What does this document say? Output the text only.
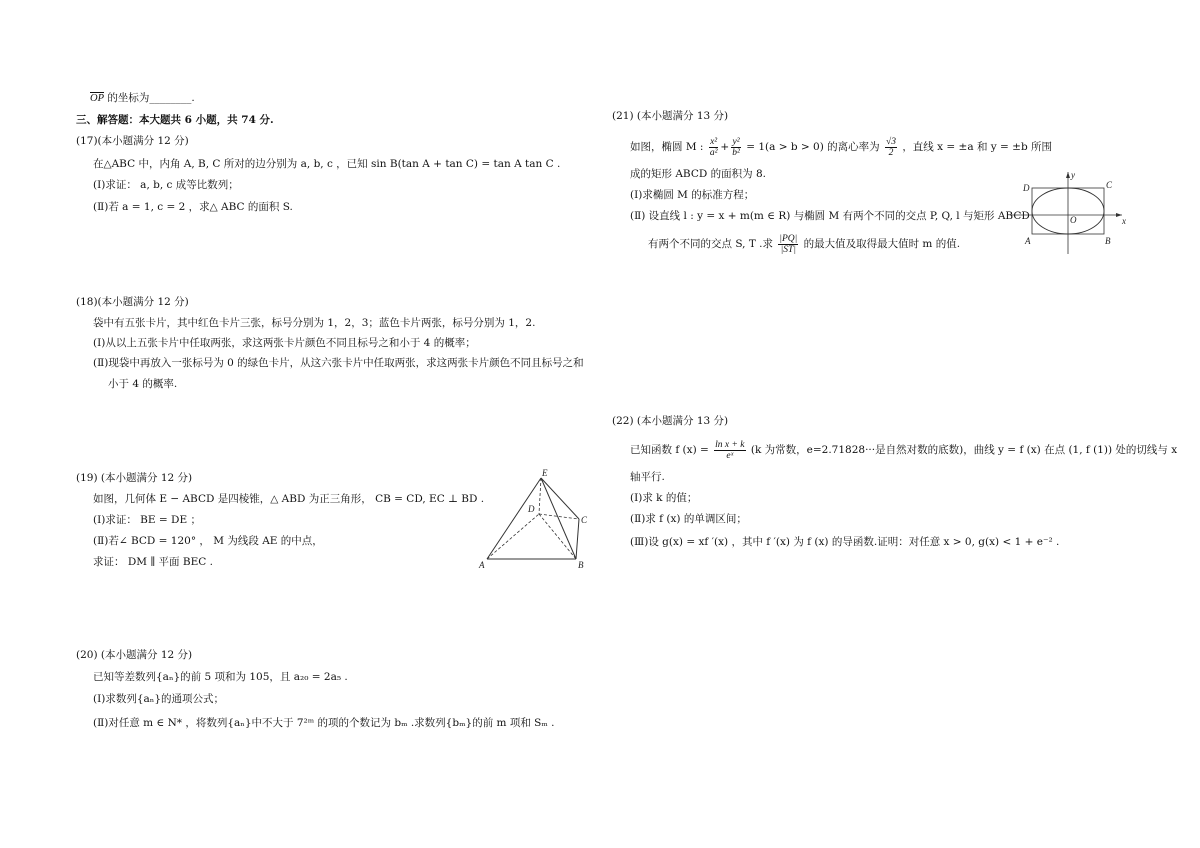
$\overline{OP}$ 的坐标为________.
三、解答题：本大题共 6 小题，共 74 分.
(17)(本小题满分 12 分)
在△ABC 中，内角 A, B, C 所对的边分别为 a, b, c ，已知 sin B(tan A + tan C) = tan A tan C .
(Ⅰ)求证： a, b, c 成等比数列；
(Ⅱ)若 a = 1, c = 2 ，求△ ABC 的面积 S.
(18)(本小题满分 12 分)
袋中有五张卡片，其中红色卡片三张，标号分别为 1，2，3；蓝色卡片两张，标号分别为 1，2.
(Ⅰ)从以上五张卡片中任取两张，求这两张卡片颜色不同且标号之和小于 4 的概率；
(Ⅱ)现袋中再放入一张标号为 0 的绿色卡片，从这六张卡片中任取两张，求这两张卡片颜色不同且标号之和
小于 4 的概率.
(19) (本小题满分 12 分)
如图，几何体 E − ABCD 是四棱锥，△ ABD 为正三角形， CB = CD, EC ⊥ BD .
(Ⅰ)求证： BE = DE ；
(Ⅱ)若∠ BCD = 120° ， M 为线段 AE 的中点，
求证： DM ∥ 平面 BEC .
E
D
C
A	B
(20) (本小题满分 12 分)
已知等差数列{aₙ}的前 5 项和为 105，且 a₂₀ = 2a₅ .
(Ⅰ)求数列{aₙ}的通项公式；
(Ⅱ)对任意 m ∈ N* ，将数列{aₙ}中不大于 7²ᵐ 的项的个数记为 bₘ .求数列{bₘ}的前 m 项和 Sₘ .
(21) (本小题满分 13 分)
如图，椭圆 M : $\frac{\text{x²}}{\text{a²}} + \frac{\text{y²}}{\text{b²}} = 1(a > b > 0)$ 的离心率为 $\frac{√3}{2}$ ，直线 x = ±a 和 y = ±b 所围
成的矩形 ABCD 的面积为 8.
(Ⅰ)求椭圆 M 的标准方程；
(Ⅱ) 设直线 l : y = x + m(m ∈ R) 与椭圆 M 有两个不同的交点 P, Q, l 与矩形 ABCD
有两个不同的交点 S, T .求 $\frac{|PQ|}{|ST|}$ 的最大值及取得最大值时 m 的值.
y
x
O
D	C
A	B
(22) (本小题满分 13 分)
已知函数 f $(x) = \frac{\text{ln x + k}}{\text{eˣ}} (k$ 为常数，e=2.71828···是自然对数的底数)，曲线 y = f (x) 在点 (1, f (1)) 处的切线与 x
轴平行.
(Ⅰ)求 k 的值；
(Ⅱ)求 f (x) 的单调区间；
(Ⅲ)设 g(x) = xf ′(x) ，其中 f ′(x) 为 f (x) 的导函数.证明：对任意 x > 0, g(x) < 1 + e⁻² .
